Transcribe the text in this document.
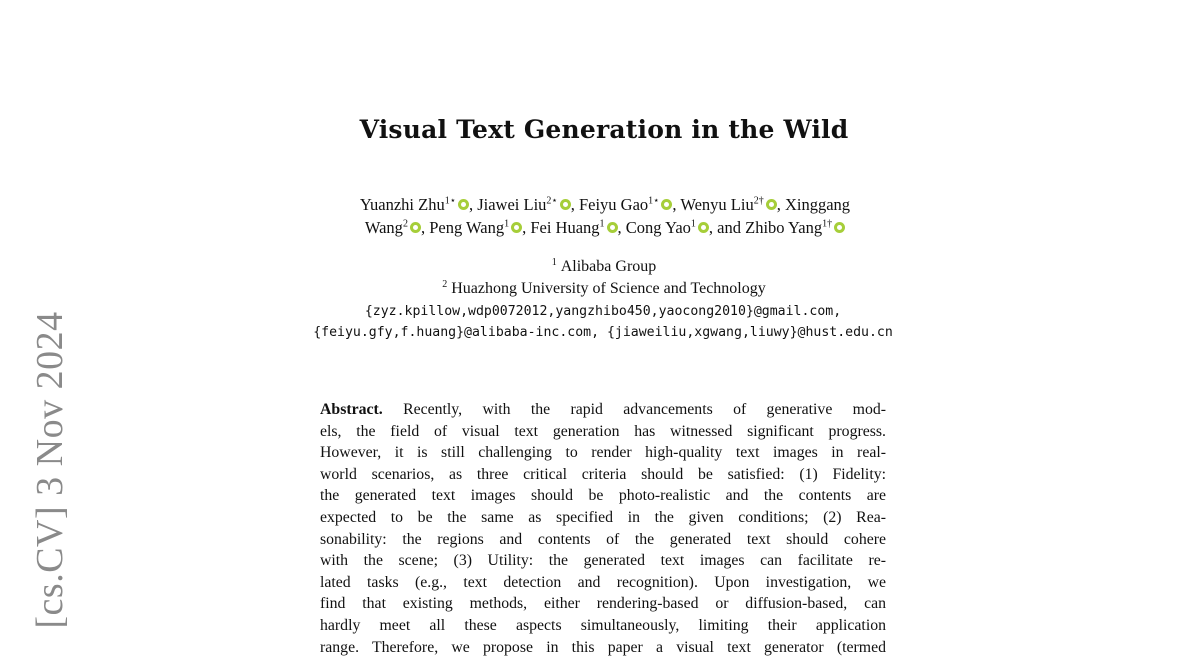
[cs.CV] 3 Nov 2024
Visual Text Generation in the Wild
Yuanzhi Zhu$^{1⋆}$ , Jiawei Liu$^{2⋆}$ , Feiyu Gao$^{1⋆}$ , Wenyu Liu$^{2\dagger}$ , Xinggang
Wang$^2$ , Peng Wang$^1$ , Fei Huang$^1$ , Cong Yao$^1$ , and Zhibo Yang$^{1\dagger}$
$^1$ Alibaba Group
$^2$ Huazhong University of Science and Technology
{zyz.kpillow,wdp0072012,yangzhibo450,yaocong2010}@gmail.com,
{feiyu.gfy,f.huang}@alibaba-inc.com, {jiaweiliu,xgwang,liuwy}@hust.edu.cn
Abstract. Recently, with the rapid advancements of generative mod-
els, the field of visual text generation has witnessed significant progress.
However, it is still challenging to render high-quality text images in real-
world scenarios, as three critical criteria should be satisfied: (1) Fidelity:
the generated text images should be photo-realistic and the contents are
expected to be the same as specified in the given conditions; (2) Rea-
sonability: the regions and contents of the generated text should cohere
with the scene; (3) Utility: the generated text images can facilitate re-
lated tasks (e.g., text detection and recognition). Upon investigation, we
find that existing methods, either rendering-based or diffusion-based, can
hardly meet all these aspects simultaneously, limiting their application
range. Therefore, we propose in this paper a visual text generator (termed
